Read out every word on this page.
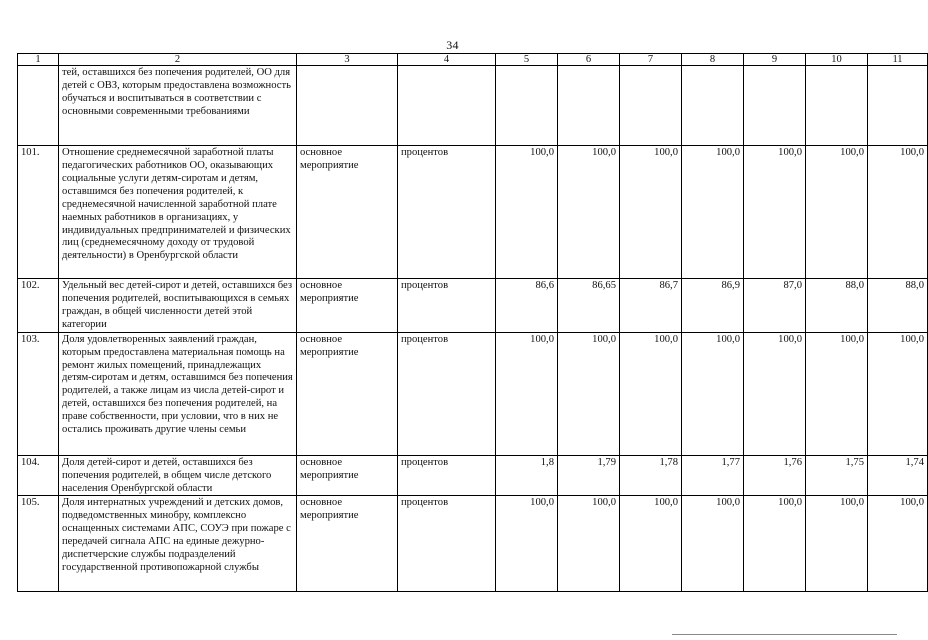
34
1	2	3	4	5	6	7	8	9	10	11
	тей, оставшихся без попечения родителей, ОО для детей с ОВЗ, которым предоставлена возможность обучаться и воспитываться в соответствии с основными современными требованиями									
101.	Отношение среднемесячной заработной платы педагогических работников ОО, оказывающих социальные услуги детям-сиротам и детям, оставшимся без попечения родителей, к среднемесячной начисленной заработной плате наемных работников в организациях, у индивидуальных предпринимателей и физических лиц (среднемесячному доходу от трудовой деятельности) в Оренбургской области	основное мероприятие	процентов	100,0	100,0	100,0	100,0	100,0	100,0	100,0
102.	Удельный вес детей-сирот и детей, оставшихся без попечения родителей, воспитывающихся в семьях граждан, в общей численности детей этой категории	основное мероприятие	процентов	86,6	86,65	86,7	86,9	87,0	88,0	88,0
103.	Доля удовлетворенных заявлений граждан, которым предоставлена материальная помощь на ремонт жилых помещений, принадлежащих детям-сиротам и детям, оставшимся без попечения родителей, а также лицам из числа детей-сирот и детей, оставшихся без попечения родителей, на праве собственности, при условии, что в них не остались проживать другие члены семьи	основное мероприятие	процентов	100,0	100,0	100,0	100,0	100,0	100,0	100,0
104.	Доля детей-сирот и детей, оставшихся без попечения родителей, в общем числе детского населения Оренбургской области	основное мероприятие	процентов	1,8	1,79	1,78	1,77	1,76	1,75	1,74
105.	Доля интернатных учреждений и детских домов, подведомственных минобру, комплексно оснащенных системами АПС, СОУЭ при пожаре с передачей сигнала АПС на единые дежурно-диспетчерские службы подразделений государственной противопожарной службы	основное мероприятие	процентов	100,0	100,0	100,0	100,0	100,0	100,0	100,0
